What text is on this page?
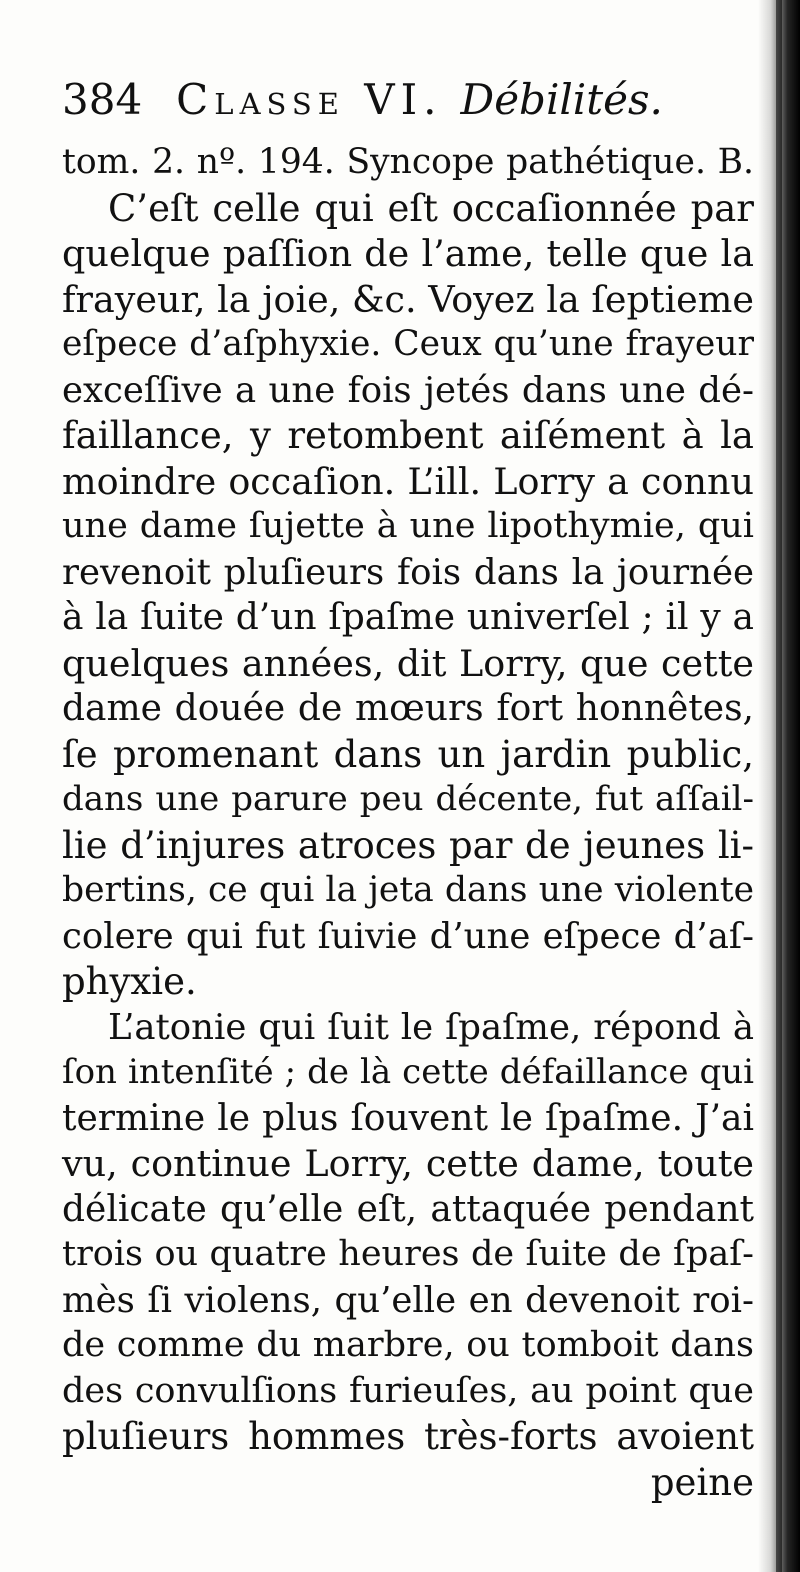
384 Classe VI. Débilités.
tom. 2. nº. 194. Syncope pathétique. B.
C’eſt celle qui eſt occaſionnée par
quelque paſſion de l’ame, telle que la
frayeur, la joie, &c. Voyez la ſeptieme
eſpece d’aſphyxie. Ceux qu’une frayeur
exceſſive a une fois jetés dans une dé-
faillance, y retombent aiſément à la
moindre occaſion. L’ill. Lorry a connu
une dame ſujette à une lipothymie, qui
revenoit pluſieurs fois dans la journée
à la ſuite d’un ſpaſme univerſel ; il y a
quelques années, dit Lorry, que cette
dame douée de mœurs fort honnêtes,
ſe promenant dans un jardin public,
dans une parure peu décente, fut aſſail-
lie d’injures atroces par de jeunes li-
bertins, ce qui la jeta dans une violente
colere qui fut ſuivie d’une eſpece d’aſ-
phyxie.
L’atonie qui ſuit le ſpaſme, répond à
ſon intenſité ; de là cette défaillance qui
termine le plus ſouvent le ſpaſme. J’ai
vu, continue Lorry, cette dame, toute
délicate qu’elle eſt, attaquée pendant
trois ou quatre heures de ſuite de ſpaſ-
mès ſi violens, qu’elle en devenoit roi-
de comme du marbre, ou tomboit dans
des convulſions furieuſes, au point que
pluſieurs hommes très-forts avoient
peine
